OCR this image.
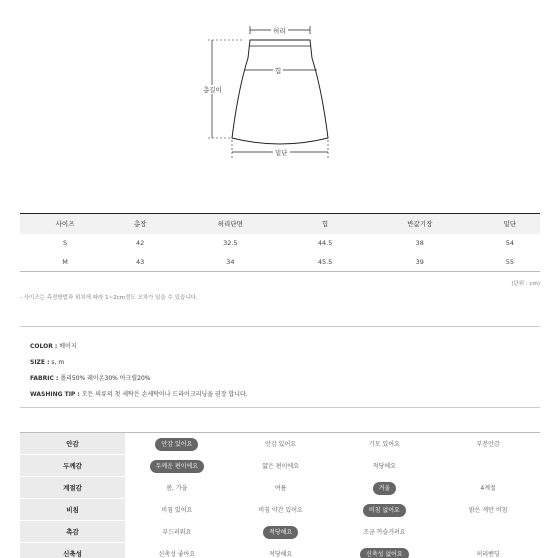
허리
힙
총길이
밑단
사이즈	총장	허리단면	힙	반값기장	밑단
S	42	32.5	44.5	38	54
M	43	34	45.5	39	55
(단위 : cm)
- 사이즈는 측정방법과 위치에 따라 1~2cm정도 오차가 있을 수 있습니다.
COLOR : 베이지
SIZE : s, m
FABRIC : 폴리50% 레이온30% 아크릴20%
WASHING TIP : 모든 의류의 첫 세탁은 손세탁이나 드라이크리닝을 권장 합니다.
안감	안감 있어요	안감 있어요	기모 있어요	부분안감
두께감	두께운 편이에요	얇은 편이에요	적당해요
계절감	봄, 가을	여름	겨울	4계절
비침	비침 있어요	비침 약간 있어요	비침 없어요	밝은 색만 비침
촉감	부드러워요	적당해요	조금 까슬거려요
신축성	신축성 좋아요	적당해요	신축성 없어요	허리밴딩
